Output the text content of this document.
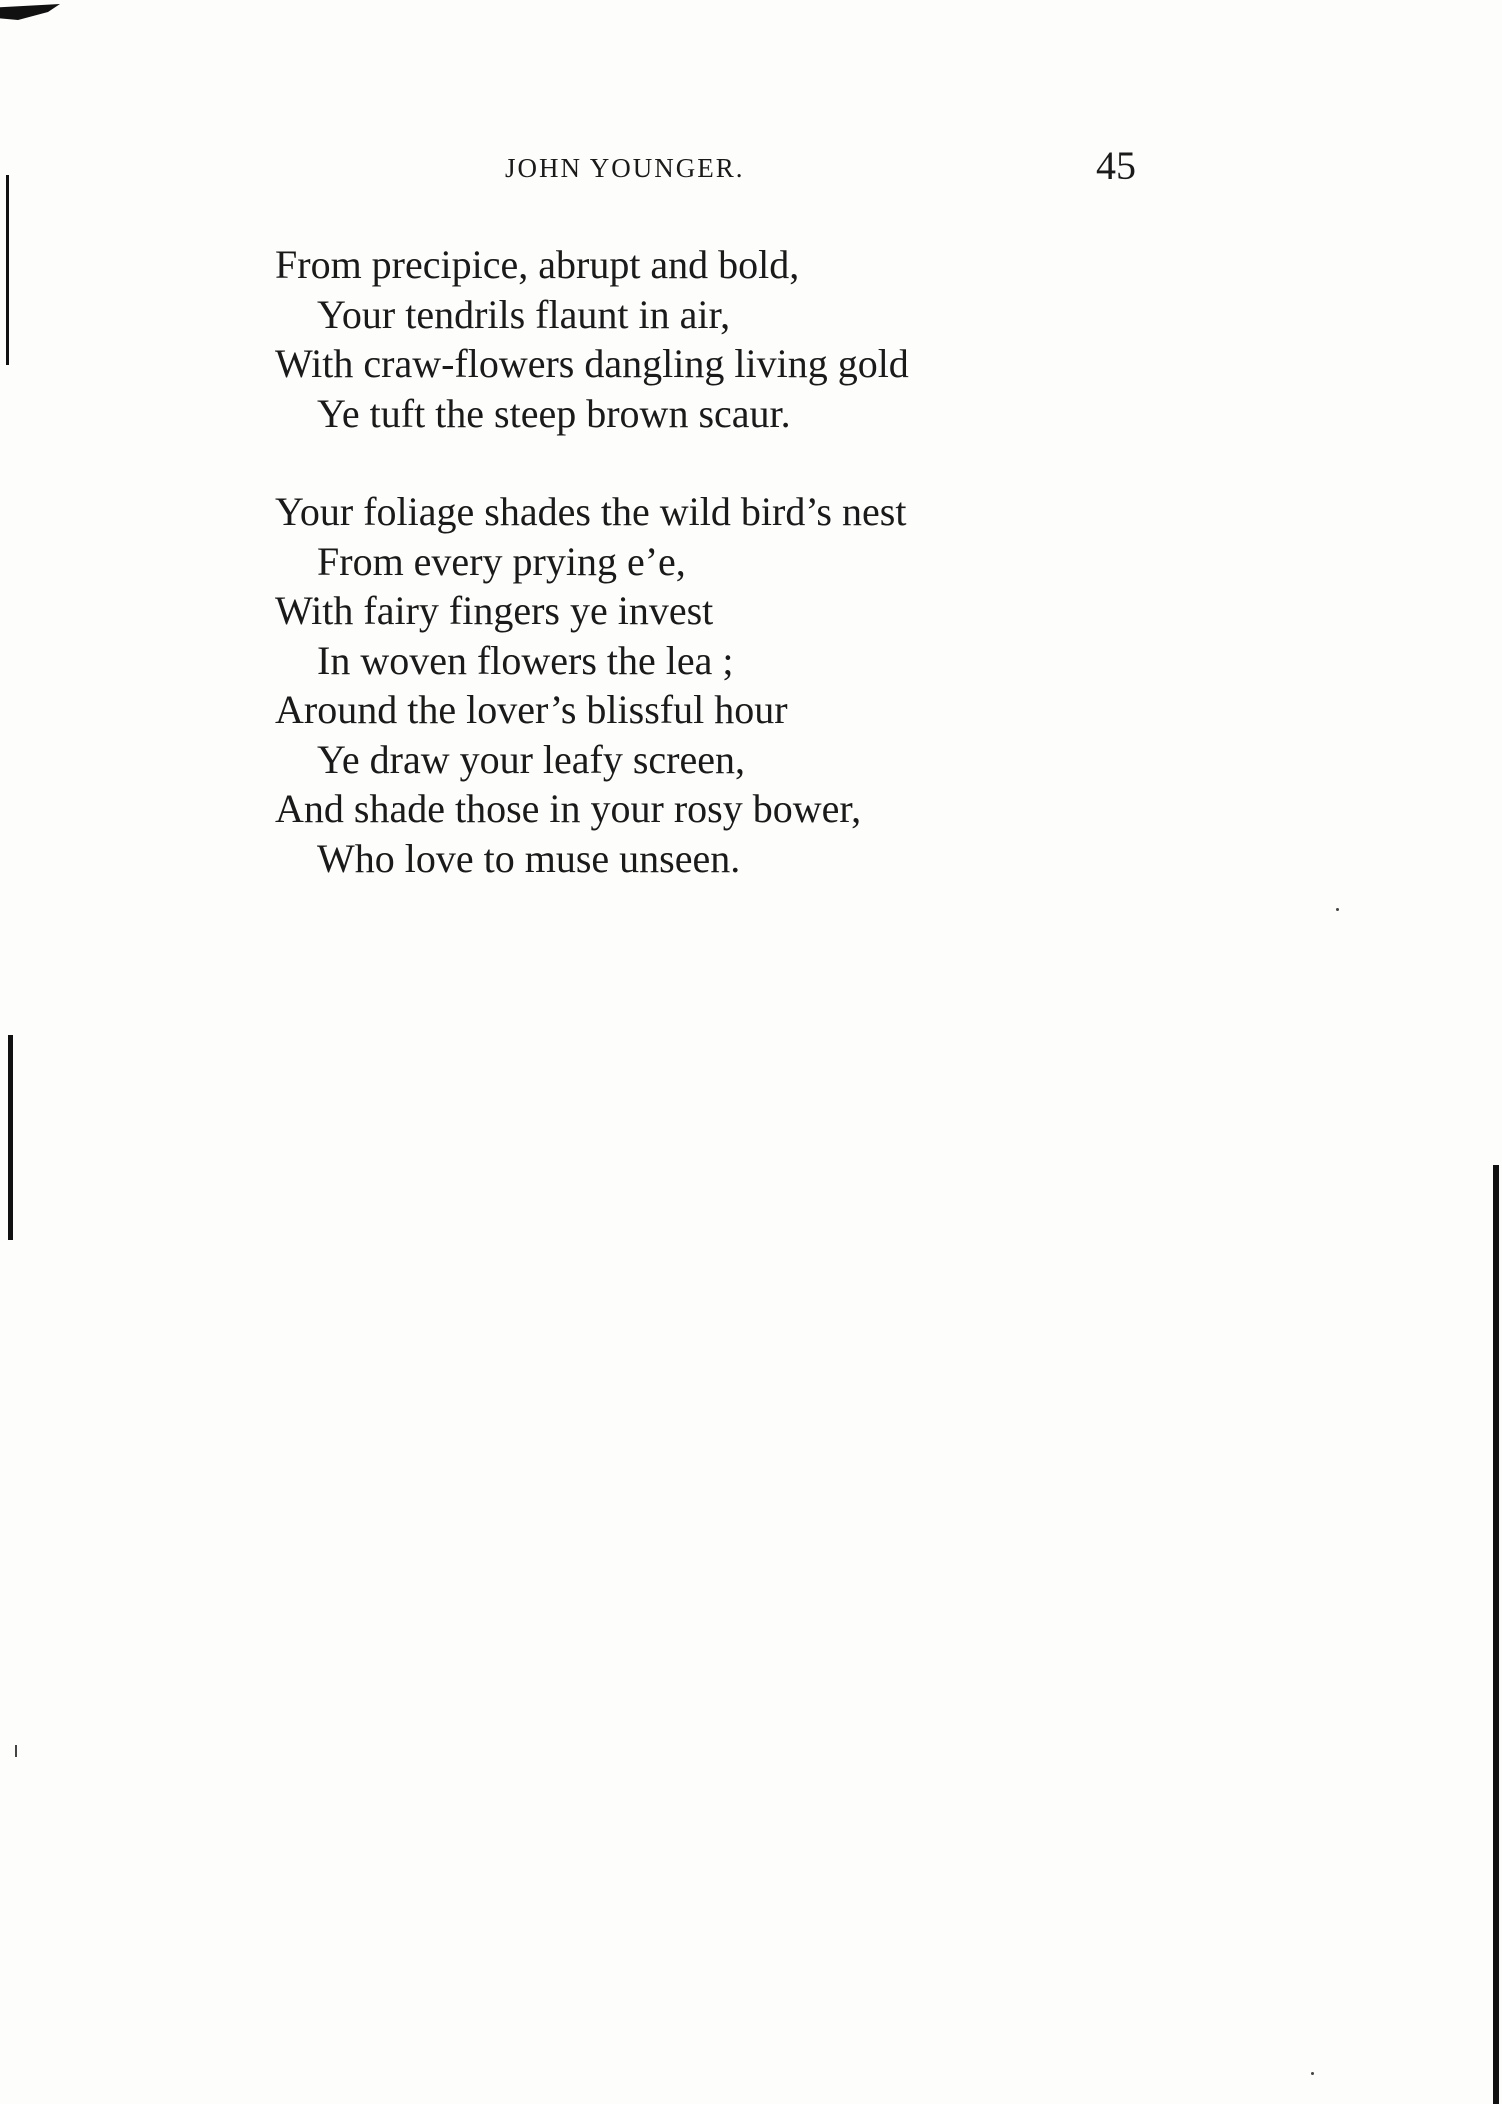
JOHN YOUNGER.	45
From precipice, abrupt and bold,
Your tendrils flaunt in air,
With craw-flowers dangling living gold
Ye tuft the steep brown scaur.
Your foliage shades the wild bird’s nest
From every prying e’e,
With fairy fingers ye invest
In woven flowers the lea ;
Around the lover’s blissful hour
Ye draw your leafy screen,
And shade those in your rosy bower,
Who love to muse unseen.
